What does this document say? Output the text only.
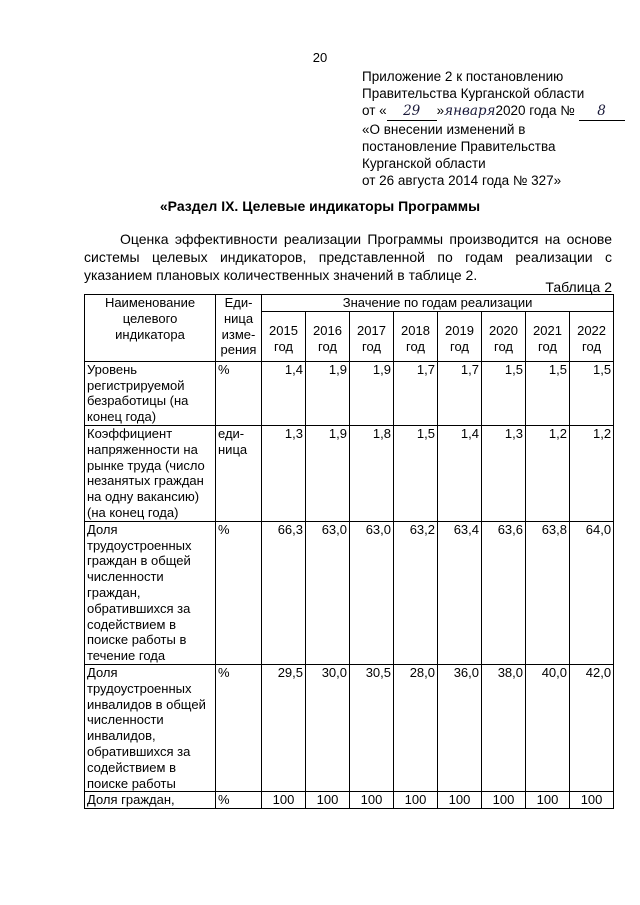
20
Приложение 2 к постановлению
Правительства Курганской области
от « 29 »января2020 года № 8
«О внесении изменений в
постановление Правительства
Курганской области
от 26 августа 2014 года № 327»
«Раздел IX. Целевые индикаторы Программы

Оценка эффективности реализации Программы производится на основе системы целевых индикаторов, представленной по годам реализации с указанием плановых количественных значений в таблице 2.

Таблица 2
Наименование целевого индикатора	Еди-ница изме-рения	Значение по годам реализации							
		2015 год	2016 год	2017 год	2018 год	2019 год	2020 год	2021 год	2022 год
Уровень регистрируемой безработицы (на конец года)	%	1,4	1,9	1,9	1,7	1,7	1,5	1,5	1,5
Коэффициент напряженности на рынке труда (число незанятых граждан на одну вакансию) (на конец года)	еди-ница	1,3	1,9	1,8	1,5	1,4	1,3	1,2	1,2
Доля трудоустроенных граждан в общей численности граждан, обратившихся за содействием в поиске работы в течение года	%	66,3	63,0	63,0	63,2	63,4	63,6	63,8	64,0
Доля трудоустроенных инвалидов в общей численности инвалидов, обратившихся за содействием в поиске работы	%	29,5	30,0	30,5	28,0	36,0	38,0	40,0	42,0
Доля граждан,	%	100	100	100	100	100	100	100	100
